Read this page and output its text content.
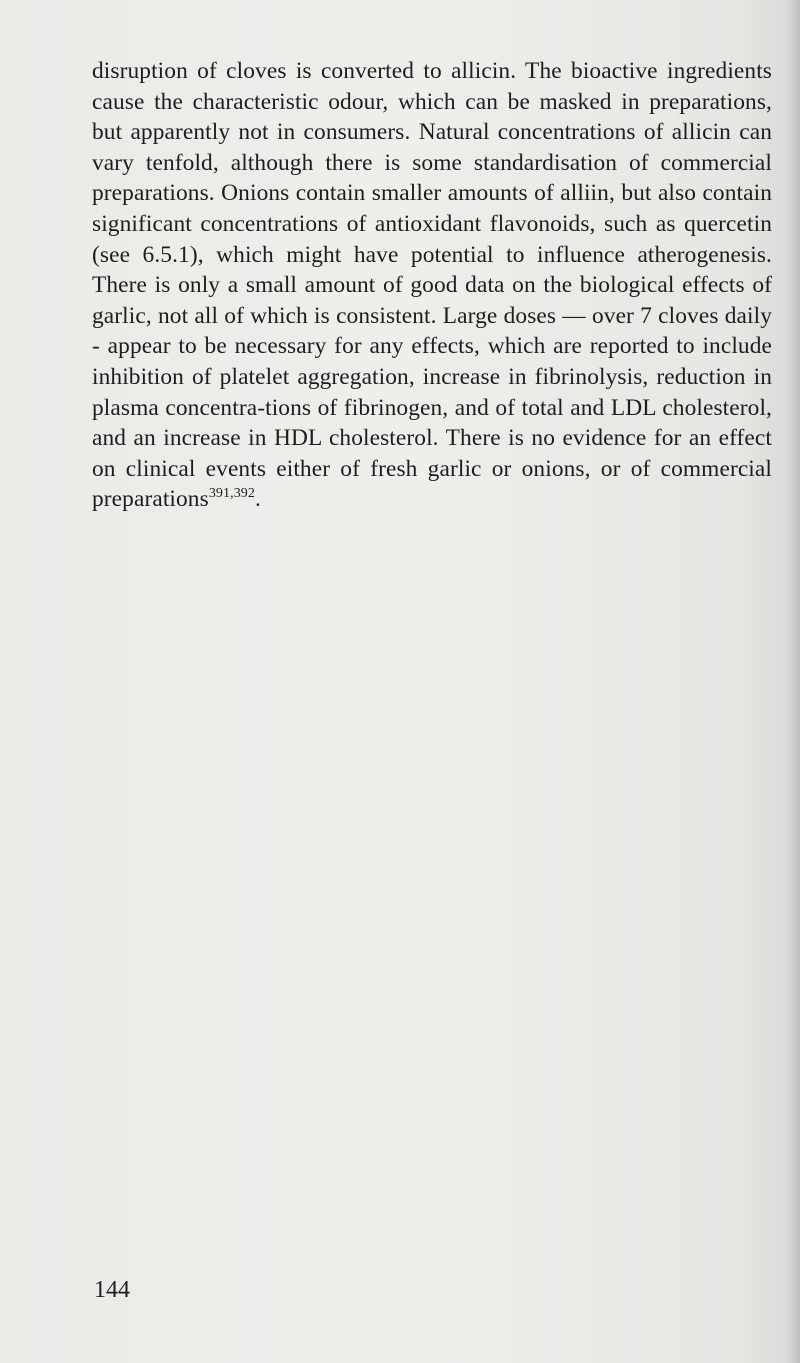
disruption of cloves is converted to allicin. The bioactive ingredients cause the characteristic odour, which can be masked in preparations, but apparently not in consumers. Natural concentrations of allicin can vary tenfold, although there is some standardisation of commercial preparations. Onions contain smaller amounts of alliin, but also contain significant concentrations of antioxidant flavonoids, such as quercetin (see 6.5.1), which might have potential to influence atherogenesis. There is only a small amount of good data on the biological effects of garlic, not all of which is consistent. Large doses — over 7 cloves daily - appear to be necessary for any effects, which are reported to include inhibition of platelet aggregation, increase in fibrinolysis, reduction in plasma concentra-tions of fibrinogen, and of total and LDL cholesterol, and an increase in HDL cholesterol. There is no evidence for an effect on clinical events either of fresh garlic or onions, or of commercial preparations$^{391,392}$.

144
